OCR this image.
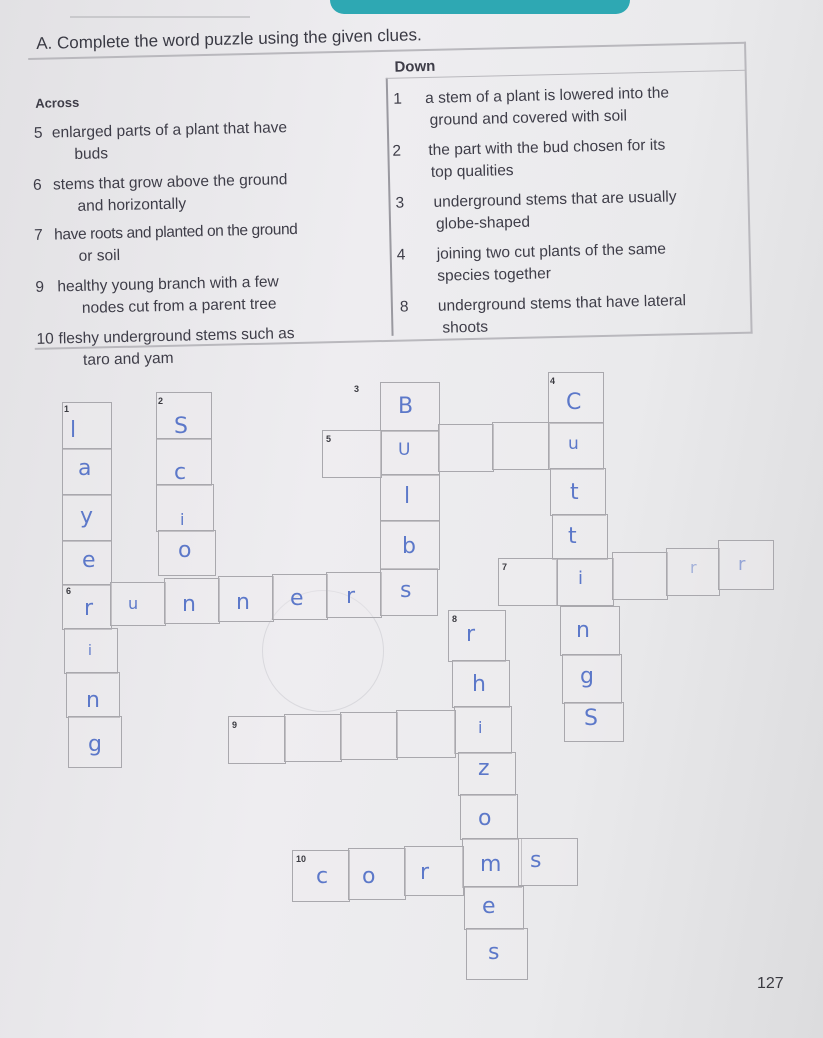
A. Complete the word puzzle using the given clues.
Across
Down
5 enlarged parts of a plant that have
buds
6 stems that grow above the ground
and horizontally
7 have roots and planted on the ground
or soil
9 healthy young branch with a few
nodes cut from a parent tree
10 fleshy underground stems such as
taro and yam
1 a stem of a plant is lowered into the
ground and covered with soil
2 the part with the bud chosen for its
top qualities
3 underground stems that are usually
globe-shaped
4 joining two cut plants of the same
species together
8 underground stems that have lateral
shoots
1
2
3
4
5
6
7
8
9
10
l
a
y
e
r
i
n
g
S
c
i
o
u n n e r s
B
U
l
b
C
u
t
t
i
n
g
S
r r
r
h
i
z
o
m
e
s
c o r	s
127
